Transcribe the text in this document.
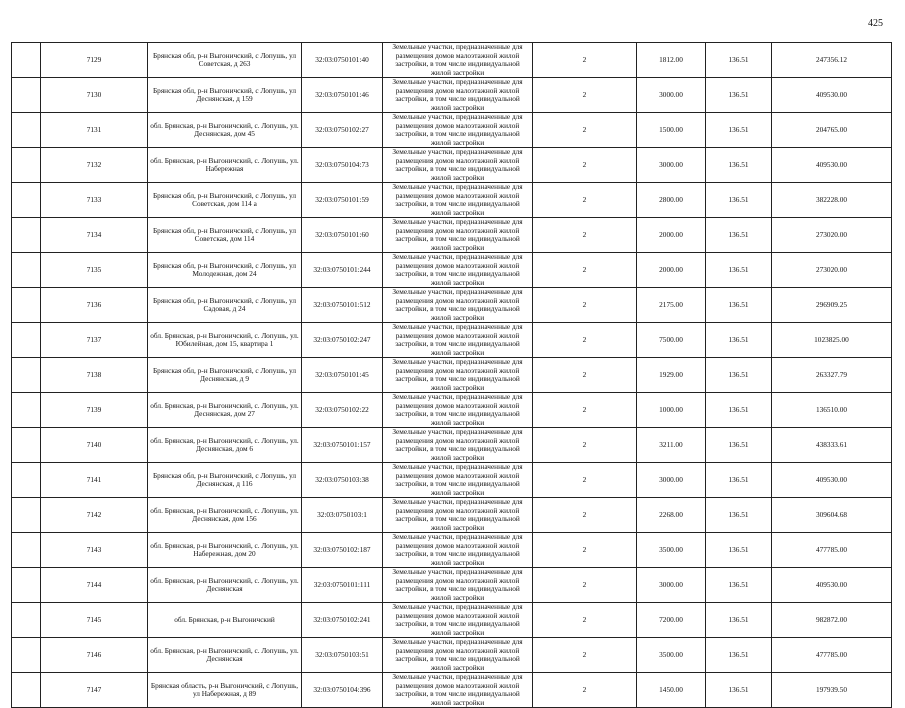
425
	7129	Брянская обл, р-н Выгоничский, с Лопушь, ул Советская, д 263	32:03:0750101:40	Земельные участки, предназначенные для размещения домов малоэтажной жилой застройки, в том числе индивидуальной жилой застройки	2	1812.00	136.51	247356.12
	7130	Брянская обл, р-н Выгоничский, с Лопушь, ул Деснянская, д 159	32:03:0750101:46	Земельные участки, предназначенные для размещения домов малоэтажной жилой застройки, в том числе индивидуальной жилой застройки	2	3000.00	136.51	409530.00
	7131	обл. Брянская, р-н Выгоничский, с. Лопушь, ул. Деснянская, дом 45	32:03:0750102:27	Земельные участки, предназначенные для размещения домов малоэтажной жилой застройки, в том числе индивидуальной жилой застройки	2	1500.00	136.51	204765.00
	7132	обл. Брянская, р-н Выгоничский, с. Лопушь, ул. Набережная	32:03:0750104:73	Земельные участки, предназначенные для размещения домов малоэтажной жилой застройки, в том числе индивидуальной жилой застройки	2	3000.00	136.51	409530.00
	7133	Брянская обл, р-н Выгоничский, с Лопушь, ул Советская, дом 114 а	32:03:0750101:59	Земельные участки, предназначенные для размещения домов малоэтажной жилой застройки, в том числе индивидуальной жилой застройки	2	2800.00	136.51	382228.00
	7134	Брянская обл, р-н Выгоничский, с Лопушь, ул Советская, дом 114	32:03:0750101:60	Земельные участки, предназначенные для размещения домов малоэтажной жилой застройки, в том числе индивидуальной жилой застройки	2	2000.00	136.51	273020.00
	7135	Брянская обл, р-н Выгоничский, с Лопушь, ул Молодежная, дом 24	32:03:0750101:244	Земельные участки, предназначенные для размещения домов малоэтажной жилой застройки, в том числе индивидуальной жилой застройки	2	2000.00	136.51	273020.00
	7136	Брянская обл, р-н Выгоничский, с Лопушь, ул Садовая, д 24	32:03:0750101:512	Земельные участки, предназначенные для размещения домов малоэтажной жилой застройки, в том числе индивидуальной жилой застройки	2	2175.00	136.51	296909.25
	7137	обл. Брянская, р-н Выгоничский, с. Лопушь, ул. Юбилейная, дом 15, квартира 1	32:03:0750102:247	Земельные участки, предназначенные для размещения домов малоэтажной жилой застройки, в том числе индивидуальной жилой застройки	2	7500.00	136.51	1023825.00
	7138	Брянская обл, р-н Выгоничский, с Лопушь, ул Деснянская, д 9	32:03:0750101:45	Земельные участки, предназначенные для размещения домов малоэтажной жилой застройки, в том числе индивидуальной жилой застройки	2	1929.00	136.51	263327.79
	7139	обл. Брянская, р-н Выгоничский, с. Лопушь, ул. Деснянская, дом 27	32:03:0750102:22	Земельные участки, предназначенные для размещения домов малоэтажной жилой застройки, в том числе индивидуальной жилой застройки	2	1000.00	136.51	136510.00
	7140	обл. Брянская, р-н Выгоничский, с. Лопушь, ул. Деснянская, дом 6	32:03:0750101:157	Земельные участки, предназначенные для размещения домов малоэтажной жилой застройки, в том числе индивидуальной жилой застройки	2	3211.00	136.51	438333.61
	7141	Брянская обл, р-н Выгоничский, с Лопушь, ул Деснянская, д 116	32:03:0750103:38	Земельные участки, предназначенные для размещения домов малоэтажной жилой застройки, в том числе индивидуальной жилой застройки	2	3000.00	136.51	409530.00
	7142	обл. Брянская, р-н Выгоничский, с. Лопушь, ул. Деснянская, дом 156	32:03:0750103:1	Земельные участки, предназначенные для размещения домов малоэтажной жилой застройки, в том числе индивидуальной жилой застройки	2	2268.00	136.51	309604.68
	7143	обл. Брянская, р-н Выгоничский, с. Лопушь, ул. Набережная, дом 20	32:03:0750102:187	Земельные участки, предназначенные для размещения домов малоэтажной жилой застройки, в том числе индивидуальной жилой застройки	2	3500.00	136.51	477785.00
	7144	обл. Брянская, р-н Выгоничский, с. Лопушь, ул. Деснянская	32:03:0750101:111	Земельные участки, предназначенные для размещения домов малоэтажной жилой застройки, в том числе индивидуальной жилой застройки	2	3000.00	136.51	409530.00
	7145	обл. Брянская, р-н Выгоничский	32:03:0750102:241	Земельные участки, предназначенные для размещения домов малоэтажной жилой застройки, в том числе индивидуальной жилой застройки	2	7200.00	136.51	982872.00
	7146	обл. Брянская, р-н Выгоничский, с. Лопушь, ул. Деснянская	32:03:0750103:51	Земельные участки, предназначенные для размещения домов малоэтажной жилой застройки, в том числе индивидуальной жилой застройки	2	3500.00	136.51	477785.00
	7147	Брянская область, р-н Выгоничский, с Лопушь, ул Набережная, д 89	32:03:0750104:396	Земельные участки, предназначенные для размещения домов малоэтажной жилой застройки, в том числе индивидуальной жилой застройки	2	1450.00	136.51	197939.50
